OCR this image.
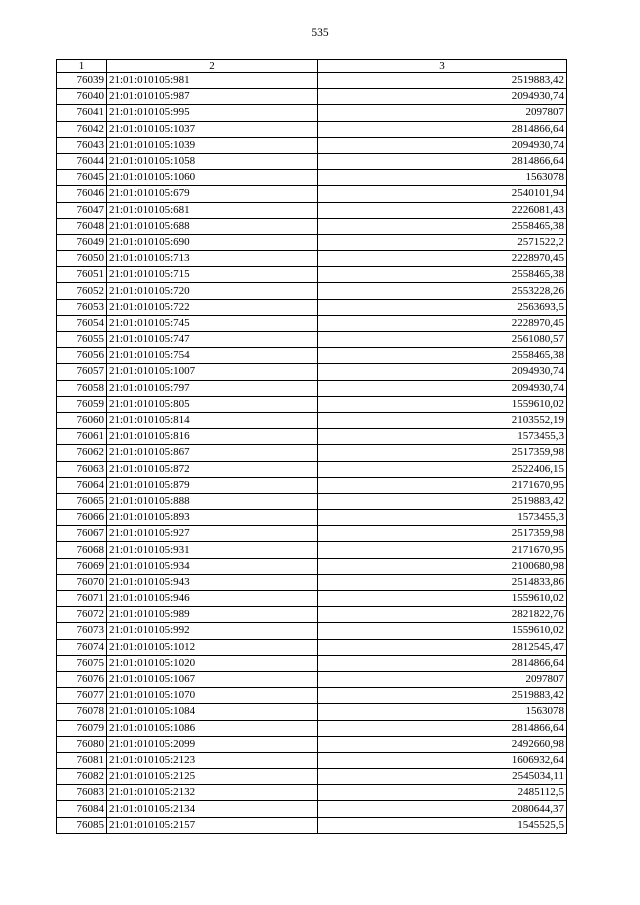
535
1	2	3
76039	21:01:010105:981	2519883,42
76040	21:01:010105:987	2094930,74
76041	21:01:010105:995	2097807
76042	21:01:010105:1037	2814866,64
76043	21:01:010105:1039	2094930,74
76044	21:01:010105:1058	2814866,64
76045	21:01:010105:1060	1563078
76046	21:01:010105:679	2540101,94
76047	21:01:010105:681	2226081,43
76048	21:01:010105:688	2558465,38
76049	21:01:010105:690	2571522,2
76050	21:01:010105:713	2228970,45
76051	21:01:010105:715	2558465,38
76052	21:01:010105:720	2553228,26
76053	21:01:010105:722	2563693,5
76054	21:01:010105:745	2228970,45
76055	21:01:010105:747	2561080,57
76056	21:01:010105:754	2558465,38
76057	21:01:010105:1007	2094930,74
76058	21:01:010105:797	2094930,74
76059	21:01:010105:805	1559610,02
76060	21:01:010105:814	2103552,19
76061	21:01:010105:816	1573455,3
76062	21:01:010105:867	2517359,98
76063	21:01:010105:872	2522406,15
76064	21:01:010105:879	2171670,95
76065	21:01:010105:888	2519883,42
76066	21:01:010105:893	1573455,3
76067	21:01:010105:927	2517359,98
76068	21:01:010105:931	2171670,95
76069	21:01:010105:934	2100680,98
76070	21:01:010105:943	2514833,86
76071	21:01:010105:946	1559610,02
76072	21:01:010105:989	2821822,76
76073	21:01:010105:992	1559610,02
76074	21:01:010105:1012	2812545,47
76075	21:01:010105:1020	2814866,64
76076	21:01:010105:1067	2097807
76077	21:01:010105:1070	2519883,42
76078	21:01:010105:1084	1563078
76079	21:01:010105:1086	2814866,64
76080	21:01:010105:2099	2492660,98
76081	21:01:010105:2123	1606932,64
76082	21:01:010105:2125	2545034,11
76083	21:01:010105:2132	2485112,5
76084	21:01:010105:2134	2080644,37
76085	21:01:010105:2157	1545525,5
